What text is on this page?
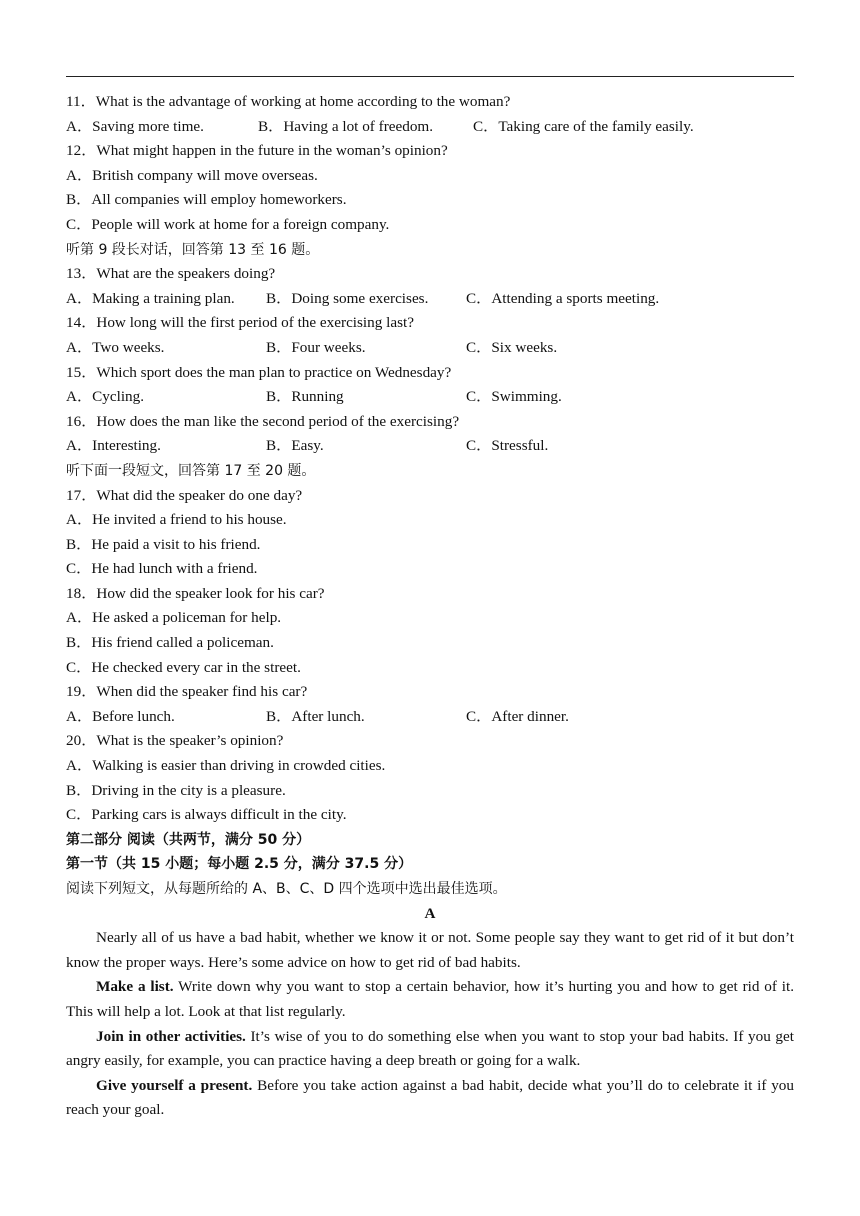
11．What is the advantage of working at home according to the woman?
A．Saving more time.	B．Having a lot of freedom.	C．Taking care of the family easily.
12．What might happen in the future in the woman’s opinion?
A．British company will move overseas.
B．All companies will employ homeworkers.
C．People will work at home for a foreign company.
听第 9 段长对话，回答第 13 至 16 题。
13．What are the speakers doing?
A．Making a training plan.	B．Doing some exercises.	C．Attending a sports meeting.
14．How long will the first period of the exercising last?
A．Two weeks.	B．Four weeks.	C．Six weeks.
15．Which sport does the man plan to practice on Wednesday?
A．Cycling.	B．Running	C．Swimming.
16．How does the man like the second period of the exercising?
A．Interesting.	B．Easy.	C．Stressful.
听下面一段短文，回答第 17 至 20 题。
17．What did the speaker do one day?
A．He invited a friend to his house.
B．He paid a visit to his friend.
C．He had lunch with a friend.
18．How did the speaker look for his car?
A．He asked a policeman for help.
B．His friend called a policeman.
C．He checked every car in the street.
19．When did the speaker find his car?
A．Before lunch.	B．After lunch.	C．After dinner.
20．What is the speaker’s opinion?
A．Walking is easier than driving in crowded cities.
B．Driving in the city is a pleasure.
C．Parking cars is always difficult in the city.
第二部分 阅读（共两节，满分 50 分）
第一节（共 15 小题；每小题 2.5 分，满分 37.5 分）
阅读下列短文，从每题所给的 A、B、C、D 四个选项中选出最佳选项。
A
Nearly all of us have a bad habit, whether we know it or not. Some people say they want to get rid of it but don’t know the proper ways. Here’s some advice on how to get rid of bad habits.
Make a list. Write down why you want to stop a certain behavior, how it’s hurting you and how to get rid of it. This will help a lot. Look at that list regularly.
Join in other activities. It’s wise of you to do something else when you want to stop your bad habits. If you get angry easily, for example, you can practice having a deep breath or going for a walk.
Give yourself a present. Before you take action against a bad habit, decide what you’ll do to celebrate it if you reach your goal.
